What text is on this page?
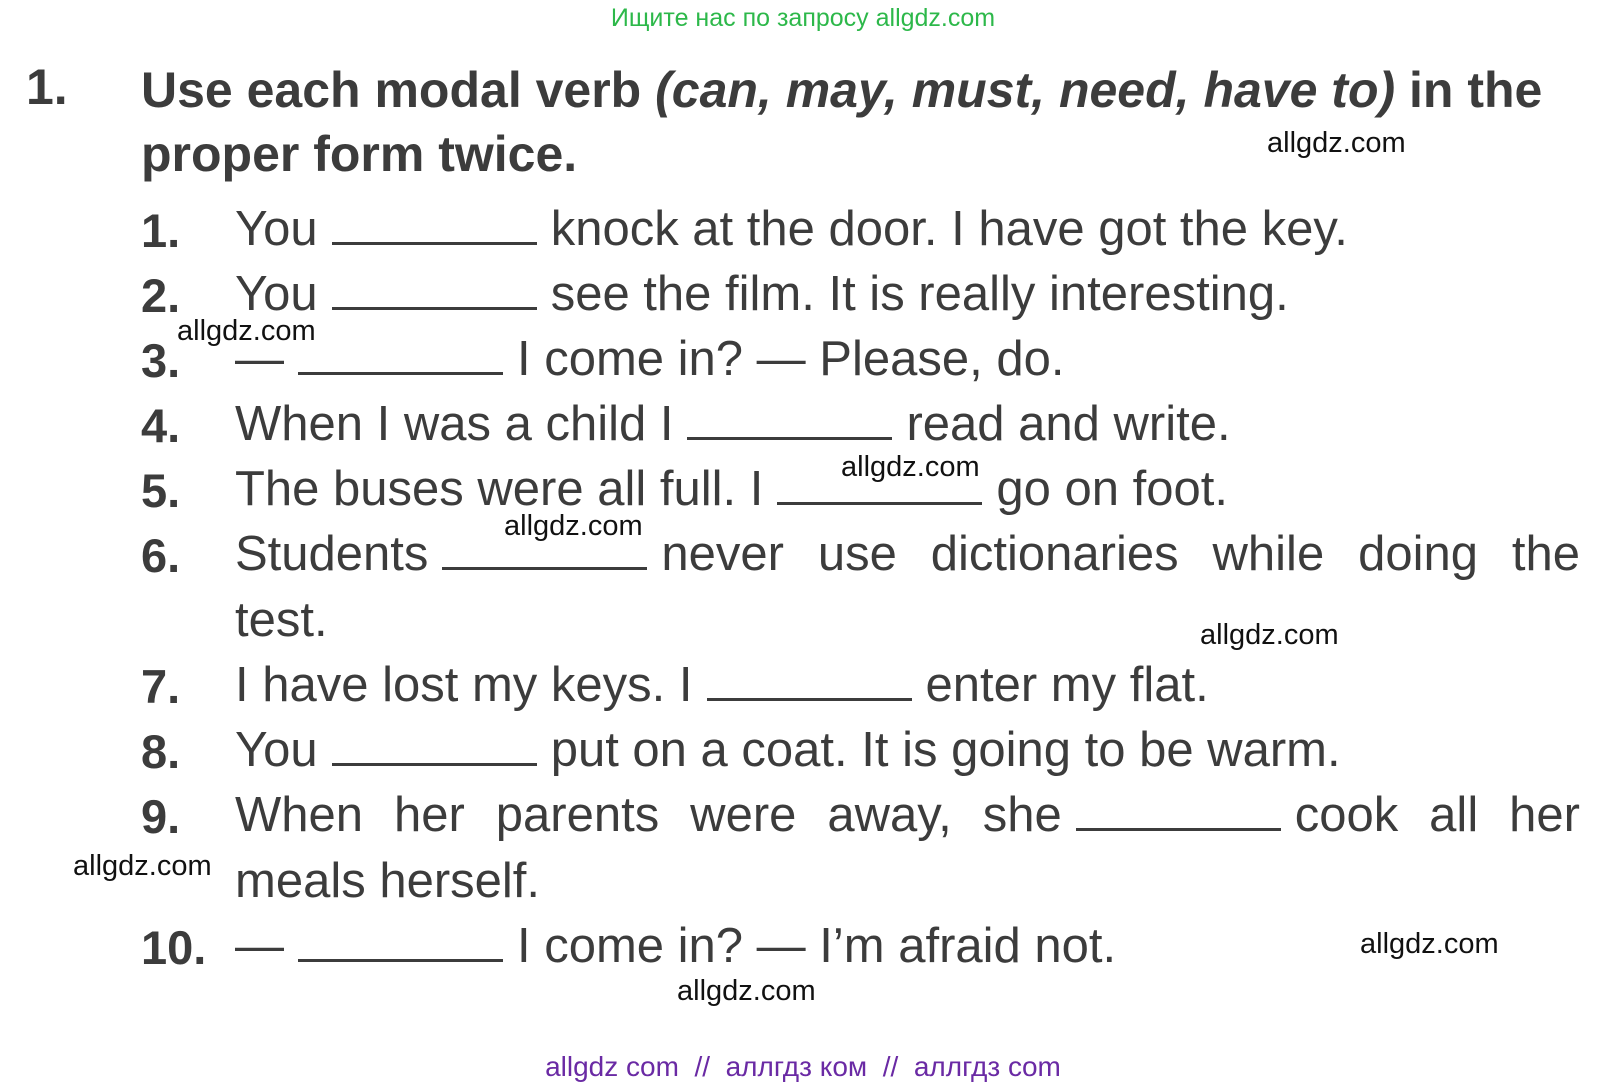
Ищите нас по запросу allgdz.com
1. Use each modal verb (can, may, must, need, have to) in the proper form twice.
1. You	knock at the door. I have got the key.
2. You	see the film. It is really interesting.
3. —	I come in? — Please, do.
4. When I was a child I	read and write.
5. The buses were all full. I	go on foot.
6. Students	never use dictionaries while doing the test.
7. I have lost my keys. I	enter my flat.
8. You	put on a coat. It is going to be warm.
9. When her parents were away, she	cook all her meals herself.
10. —	I come in? — I’m afraid not.
allgdz.com
allgdz.com
allgdz.com
allgdz.com
allgdz.com
allgdz.com
allgdz.com
allgdz.com
allgdz com  //  аллгдз ком  //  аллгдз com
